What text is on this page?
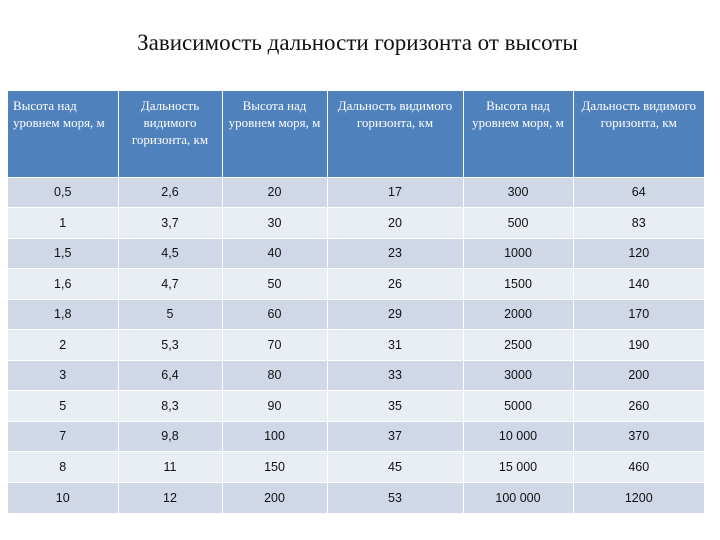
Зависимость дальности горизонта от высоты
Высота над уровнем моря, м	Дальность видимого горизонта, км	Высота над уровнем моря, м	Дальность видимого горизонта, км	Высота над уровнем моря, м	Дальность видимого горизонта, км
0,5	2,6	20	17	300	64
1	3,7	30	20	500	83
1,5	4,5	40	23	1000	120
1,6	4,7	50	26	1500	140
1,8	5	60	29	2000	170
2	5,3	70	31	2500	190
3	6,4	80	33	3000	200
5	8,3	90	35	5000	260
7	9,8	100	37	10 000	370
8	11	150	45	15 000	460
10	12	200	53	100 000	1200
